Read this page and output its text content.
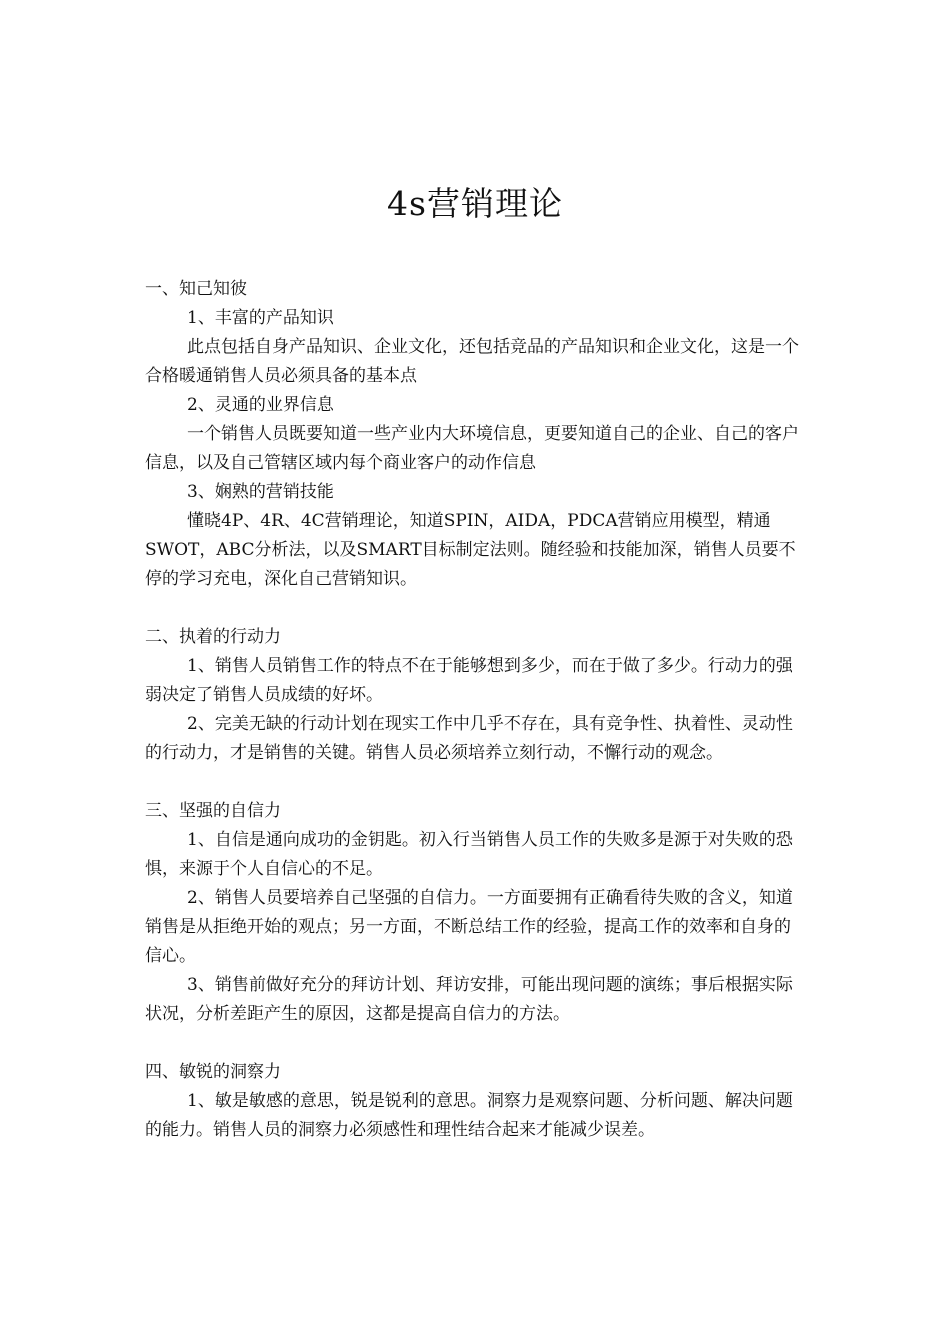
4s营销理论

一、知己知彼

1、丰富的产品知识

此点包括自身产品知识、企业文化，还包括竞品的产品知识和企业文化，这是一个合格暖通销售人员必须具备的基本点

2、灵通的业界信息

一个销售人员既要知道一些产业内大环境信息，更要知道自己的企业、自己的客户信息，以及自己管辖区域内每个商业客户的动作信息

3、娴熟的营销技能

懂晓4P、4R、4C营销理论，知道SPIN，AIDA，PDCA营销应用模型，精通SWOT，ABC分析法，以及SMART目标制定法则。随经验和技能加深，销售人员要不停的学习充电，深化自己营销知识。

二、执着的行动力

1、销售人员销售工作的特点不在于能够想到多少，而在于做了多少。行动力的强弱决定了销售人员成绩的好坏。

2、完美无缺的行动计划在现实工作中几乎不存在，具有竞争性、执着性、灵动性的行动力，才是销售的关键。销售人员必须培养立刻行动，不懈行动的观念。

三、坚强的自信力

1、自信是通向成功的金钥匙。初入行当销售人员工作的失败多是源于对失败的恐惧，来源于个人自信心的不足。

2、销售人员要培养自己坚强的自信力。一方面要拥有正确看待失败的含义，知道销售是从拒绝开始的观点；另一方面，不断总结工作的经验，提高工作的效率和自身的信心。

3、销售前做好充分的拜访计划、拜访安排，可能出现问题的演练；事后根据实际状况，分析差距产生的原因，这都是提高自信力的方法。

四、敏锐的洞察力

1、敏是敏感的意思，锐是锐利的意思。洞察力是观察问题、分析问题、解决问题的能力。销售人员的洞察力必须感性和理性结合起来才能减少误差。
